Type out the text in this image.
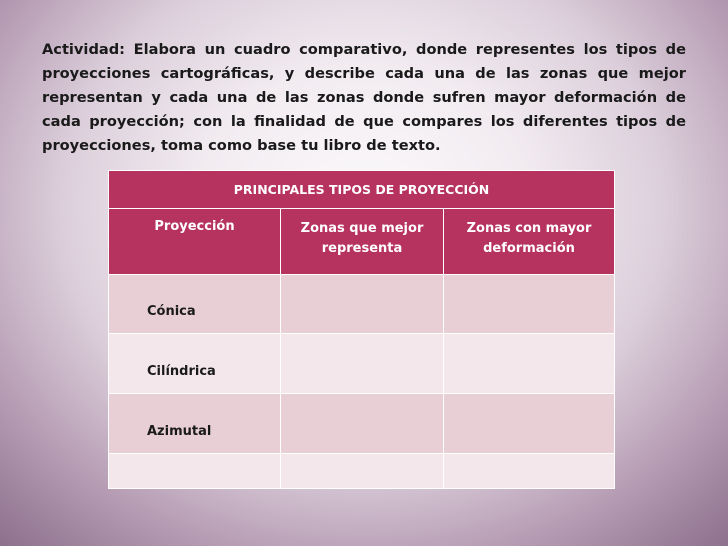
Actividad: Elabora un cuadro comparativo, donde representes los tipos de proyecciones cartográficas, y describe cada una de las zonas que mejor representan y cada una de las zonas donde sufren mayor deformación de cada proyección; con la finalidad de que compares los diferentes tipos de proyecciones, toma como base tu libro de texto.

PRINCIPALES TIPOS DE PROYECCIÓN		
Proyección	Zonas que mejor representa	Zonas con mayor deformación
Cónica		
Cilíndrica		
Azimutal		
